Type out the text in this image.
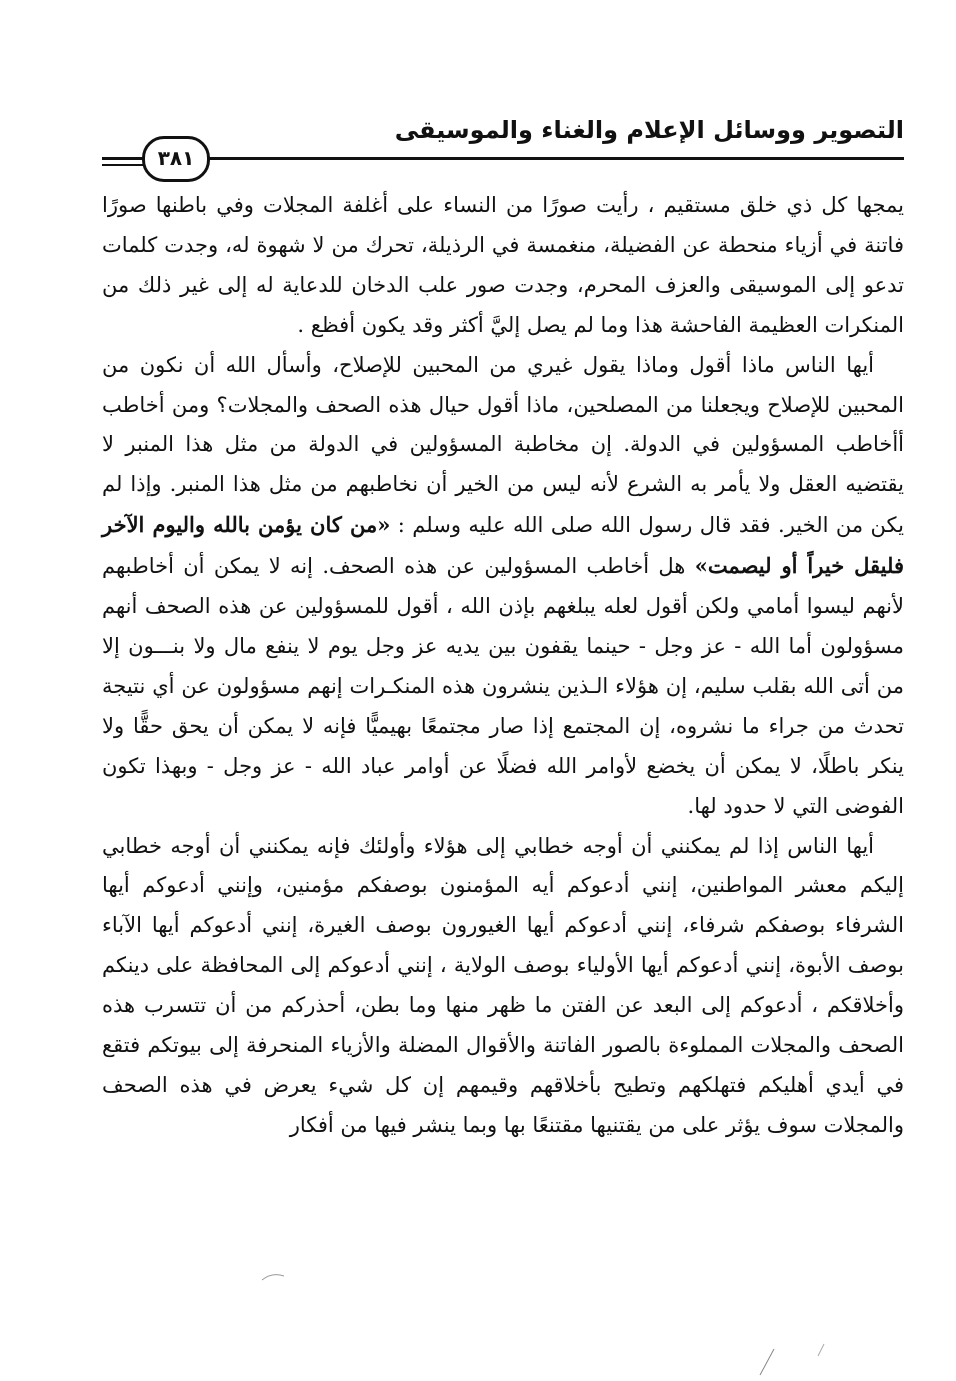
التصوير ووسائل الإعلام والغناء والموسيقى
٣٨١

يمجها كل ذي خلق مستقيم ، رأيت صورًا من النساء على أغلفة المجلات وفي باطنها صورًا فاتنة في أزياء منحطة عن الفضيلة، منغمسة في الرذيلة، تحرك من لا شهوة له، وجدت كلمات تدعو إلى الموسيقى والعزف المحرم، وجدت صور علب الدخان للدعاية له إلى غير ذلك من المنكرات العظيمة الفاحشة هذا وما لم يصل إليَّ أكثر وقد يكون أفظع .

أيها الناس ماذا أقول وماذا يقول غيري من المحبين للإصلاح، وأسأل الله أن نكون من المحبين للإصلاح ويجعلنا من المصلحين، ماذا أقول حيال هذه الصحف والمجلات؟ ومن أخاطب أأخاطب المسؤولين في الدولة. إن مخاطبة المسؤولين في الدولة من مثل هذا المنبر لا يقتضيه العقل ولا يأمر به الشرع لأنه ليس من الخير أن نخاطبهم من مثل هذا المنبر. وإذا لم يكن من الخير. فقد قال رسول الله صلى الله عليه وسلم : «من كان يؤمن بالله واليوم الآخر فليقل خيراً أو ليصمت» هل أخاطب المسؤولين عن هذه الصحف. إنه لا يمكن أن أخاطبهم لأنهم ليسوا أمامي ولكن أقول لعله يبلغهم بإذن الله ، أقول للمسؤولين عن هذه الصحف أنهم مسؤولون أما الله - عز وجل - حينما يقفون بين يديه عز وجل يوم لا ينفع مال ولا بنـــون إلا من أتى الله بقلب سليم، إن هؤلاء الـذين ينشرون هذه المنكـرات إنهم مسؤولون عن أي نتيجة تحدث من جراء ما نشروه، إن المجتمع إذا صار مجتمعًا بهيميًّا فإنه لا يمكن أن يحق حقًّا ولا ينكر باطلًا، لا يمكن أن يخضع لأوامر الله فضلًا عن أوامر عباد الله - عز وجل - وبهذا تكون الفوضى التي لا حدود لها.

أيها الناس إذا لم يمكنني أن أوجه خطابي إلى هؤلاء وأولئك فإنه يمكنني أن أوجه خطابي إليكم معشر المواطنين، إنني أدعوكم أيه المؤمنون بوصفكم مؤمنين، وإنني أدعوكم أيها الشرفاء بوصفكم شرفاء، إنني أدعوكم أيها الغيورون بوصف الغيرة، إنني أدعوكم أيها الآباء بوصف الأبوة، إنني أدعوكم أيها الأولياء بوصف الولاية ، إنني أدعوكم إلى المحافظة على دينكم وأخلاقكم ، أدعوكم إلى البعد عن الفتن ما ظهر منها وما بطن، أحذركم من أن تتسرب هذه الصحف والمجلات المملوءة بالصور الفاتنة والأقوال المضلة والأزياء المنحرفة إلى بيوتكم فتقع في أيدي أهليكم فتهلكهم وتطيح بأخلاقهم وقيمهم إن كل شيء يعرض في هذه الصحف والمجلات سوف يؤثر على من يقتنيها مقتنعًا بها وبما ينشر فيها من أفكار
